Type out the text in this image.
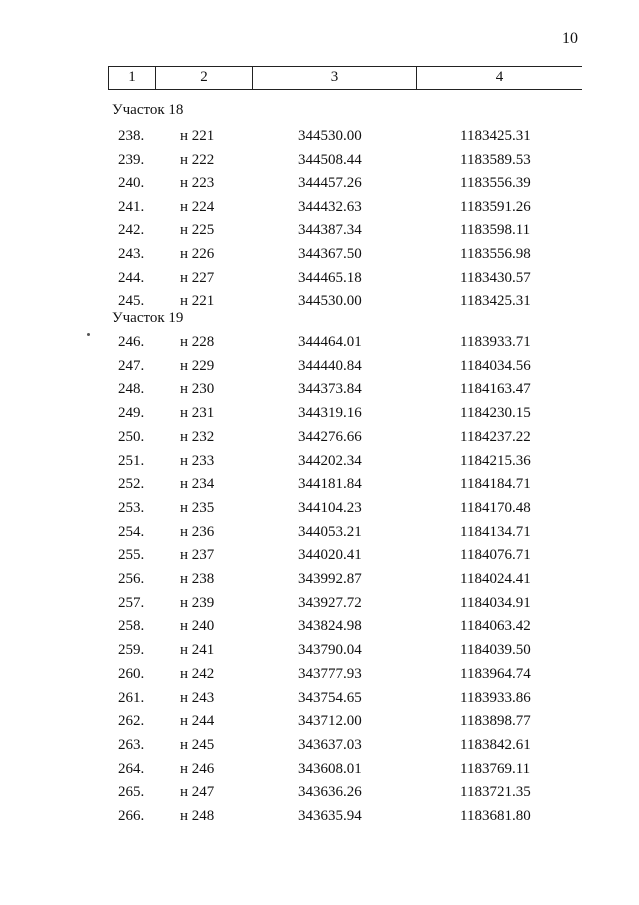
10
1	2	3	4
Участок 18
238. н 221	344530.00	1183425.31
239. н 222	344508.44	1183589.53
240. н 223	344457.26	1183556.39
241. н 224	344432.63	1183591.26
242. н 225	344387.34	1183598.11
243. н 226	344367.50	1183556.98
244. н 227	344465.18	1183430.57
245. н 221	344530.00	1183425.31
Участок 19
246. н 228	344464.01	1183933.71
247. н 229	344440.84	1184034.56
248. н 230	344373.84	1184163.47
249. н 231	344319.16	1184230.15
250. н 232	344276.66	1184237.22
251. н 233	344202.34	1184215.36
252. н 234	344181.84	1184184.71
253. н 235	344104.23	1184170.48
254. н 236	344053.21	1184134.71
255. н 237	344020.41	1184076.71
256. н 238	343992.87	1184024.41
257. н 239	343927.72	1184034.91
258. н 240	343824.98	1184063.42
259. н 241	343790.04	1184039.50
260. н 242	343777.93	1183964.74
261. н 243	343754.65	1183933.86
262. н 244	343712.00	1183898.77
263. н 245	343637.03	1183842.61
264. н 246	343608.01	1183769.11
265. н 247	343636.26	1183721.35
266. н 248	343635.94	1183681.80
